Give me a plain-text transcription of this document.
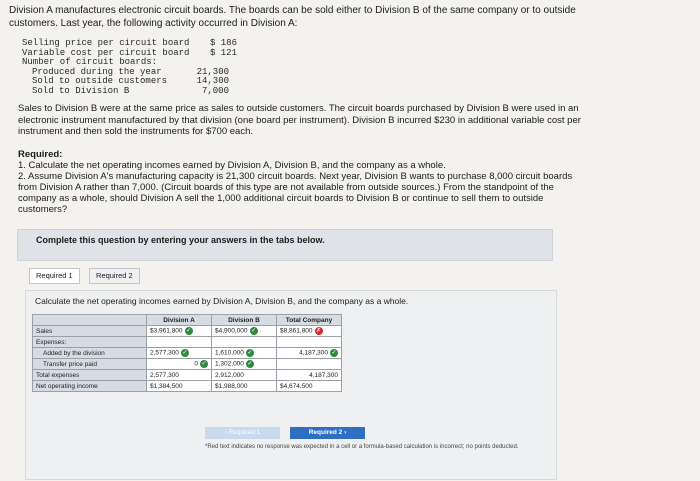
Division A manufactures electronic circuit boards. The boards can be sold either to Division B of the same company or to outside
customers. Last year, the following activity occurred in Division A:
Selling price per circuit board $ 186
Variable cost per circuit board $ 121
Number of circuit boards:
Produced during the year	21,300
Sold to outside customers	14,300
Sold to Division B	7,000
Sales to Division B were at the same price as sales to outside customers. The circuit boards purchased by Division B were used in an
electronic instrument manufactured by that division (one board per instrument). Division B incurred $230 in additional variable cost per
instrument and then sold the instruments for $700 each.
Required:
1. Calculate the net operating incomes earned by Division A, Division B, and the company as a whole.
2. Assume Division A's manufacturing capacity is 21,300 circuit boards. Next year, Division B wants to purchase 8,000 circuit boards
from Division A rather than 7,000. (Circuit boards of this type are not available from outside sources.) From the standpoint of the
company as a whole, should Division A sell the 1,000 additional circuit boards to Division B or continue to sell them to outside
customers?
Complete this question by entering your answers in the tabs below.
Required 1	Required 2
Calculate the net operating incomes earned by Division A, Division B, and the company as a whole.
	Division A	Division B	Total Company
Sales	$3,961,800 ✓	$4,900,000 ✓	$8,861,800 ✗
Expenses:			
Added by the division	2,577,300 ✓	1,610,000 ✓	4,187,300 ✓
Transfer price paid	0 ✓	1,302,000 ✓	
Total expenses	2,577,300	2,912,000	4,187,300
Net operating income	$1,384,500	$1,988,000	$4,674,500
‹ Required 1	Required 2 ›
*Red text indicates no response was expected in a cell or a formula-based calculation is incorrect; no points deducted.
